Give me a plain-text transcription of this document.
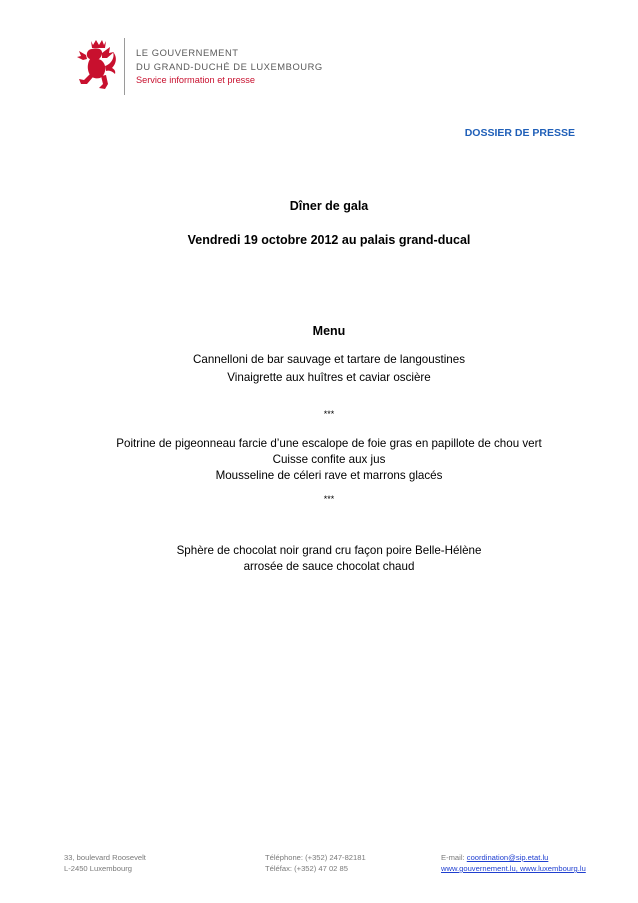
LE GOUVERNEMENT
DU GRAND-DUCHÉ DE LUXEMBOURG
Service information et presse
DOSSIER DE PRESSE
Dîner de gala
Vendredi 19 octobre 2012 au palais grand-ducal
Menu
Cannelloni de bar sauvage et tartare de langoustines
Vinaigrette aux huîtres et caviar oscière
***
Poitrine de pigeonneau farcie d’une escalope de foie gras en papillote de chou vert
Cuisse confite aux jus
Mousseline de céleri rave et marrons glacés
***
Sphère de chocolat noir grand cru façon poire Belle-Hélène
arrosée de sauce chocolat chaud
33, boulevard Roosevelt
L-2450 Luxembourg
Téléphone: (+352) 247-82181
Téléfax: (+352) 47 02 85
E-mail: coordination@sip.etat.lu
www.gouvernement.lu, www.luxembourg.lu
